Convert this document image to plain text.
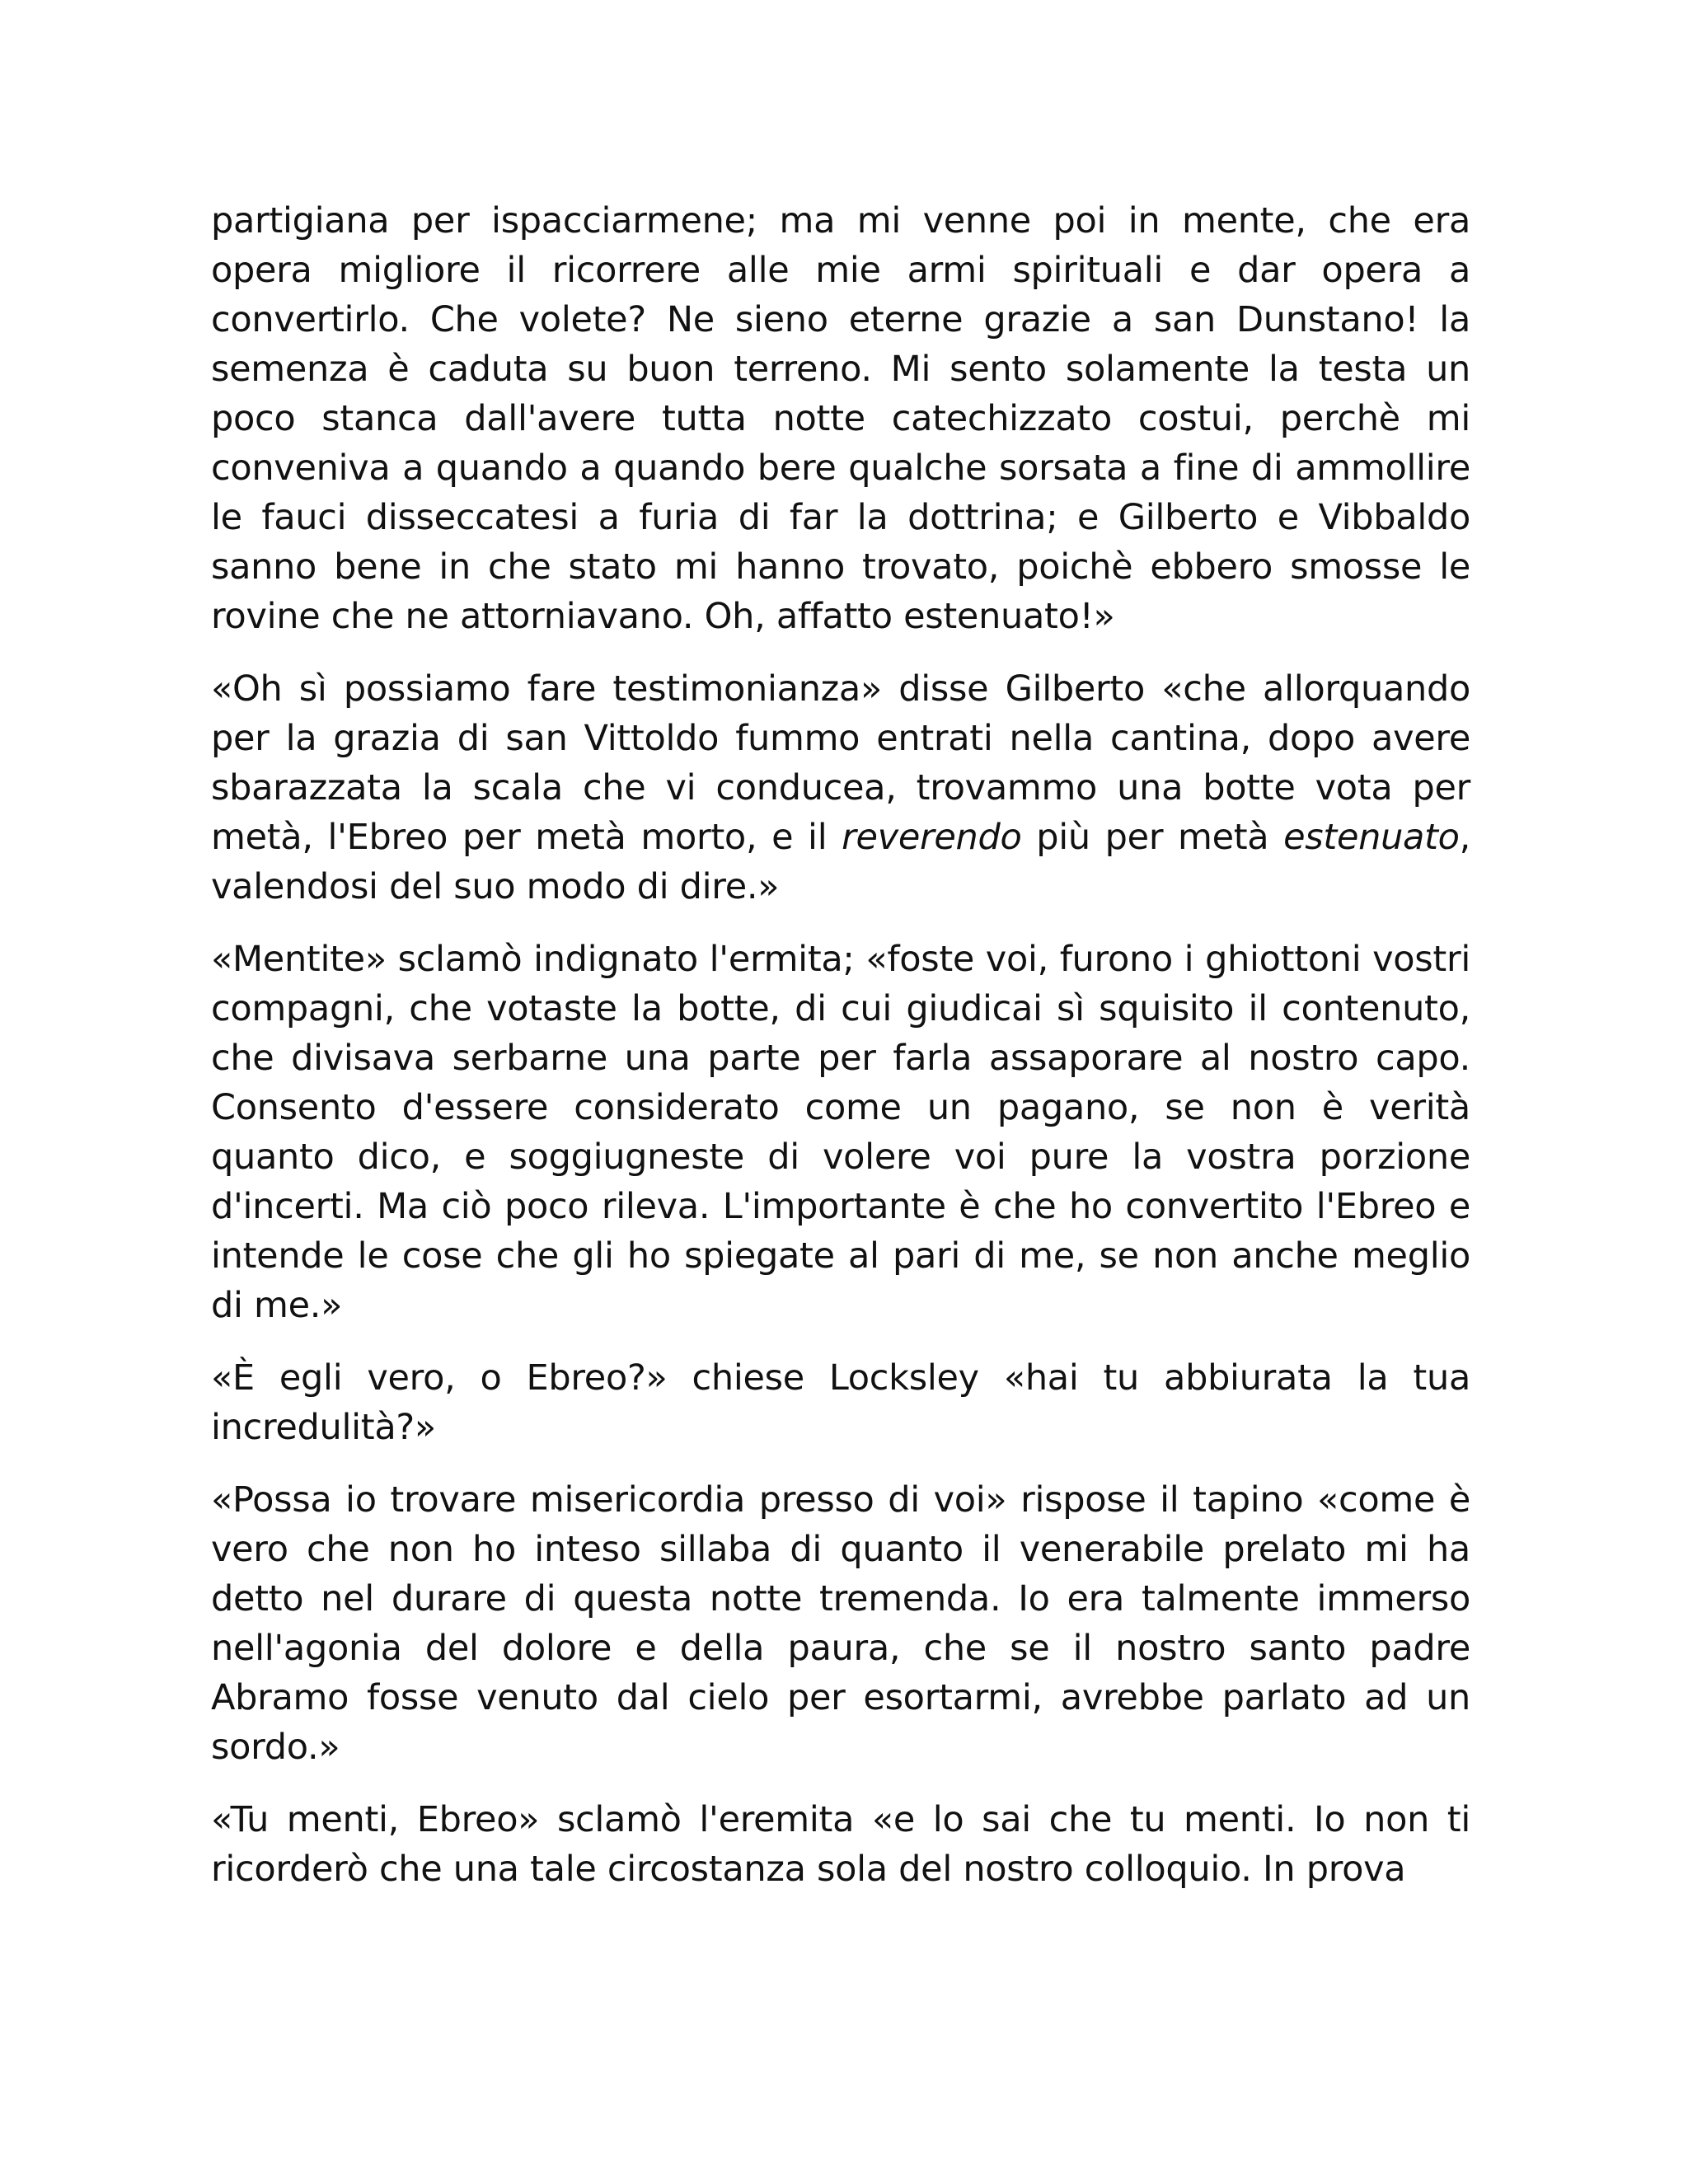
partigiana per ispacciarmene; ma mi venne poi in mente, che era opera migliore il ricorrere alle mie armi spirituali e dar opera a convertirlo. Che volete? Ne sieno eterne grazie a san Dunstano! la semenza è caduta su buon terreno. Mi sento solamente la testa un poco stanca dall'avere tutta notte catechizzato costui, perchè mi conveniva a quando a quando bere qualche sorsata a fine di ammollire le fauci disseccatesi a furia di far la dottrina; e Gilberto e Vibbaldo sanno bene in che stato mi hanno trovato, poichè ebbero smosse le rovine che ne attorniavano. Oh, affatto estenuato!»

«Oh sì possiamo fare testimonianza» disse Gilberto «che allorquando per la grazia di san Vittoldo fummo entrati nella cantina, dopo avere sbarazzata la scala che vi conducea, trovammo una botte vota per metà, l'Ebreo per metà morto, e il reverendo più per metà estenuato, valendosi del suo modo di dire.»

«Mentite» sclamò indignato l'ermita; «foste voi, furono i ghiottoni vostri compagni, che votaste la botte, di cui giudicai sì squisito il contenuto, che divisava serbarne una parte per farla assaporare al nostro capo. Consento d'essere considerato come un pagano, se non è verità quanto dico, e soggiugneste di volere voi pure la vostra porzione d'incerti. Ma ciò poco rileva. L'importante è che ho convertito l'Ebreo e intende le cose che gli ho spiegate al pari di me, se non anche meglio di me.»

«È egli vero, o Ebreo?» chiese Locksley «hai tu abbiurata la tua incredulità?»

«Possa io trovare misericordia presso di voi» rispose il tapino «come è vero che non ho inteso sillaba di quanto il venerabile prelato mi ha detto nel durare di questa notte tremenda. Io era talmente immerso nell'agonia del dolore e della paura, che se il nostro santo padre Abramo fosse venuto dal cielo per esortarmi, avrebbe parlato ad un sordo.»

«Tu menti, Ebreo» sclamò l'eremita «e lo sai che tu menti. Io non ti ricorderò che una tale circostanza sola del nostro colloquio. In prova
